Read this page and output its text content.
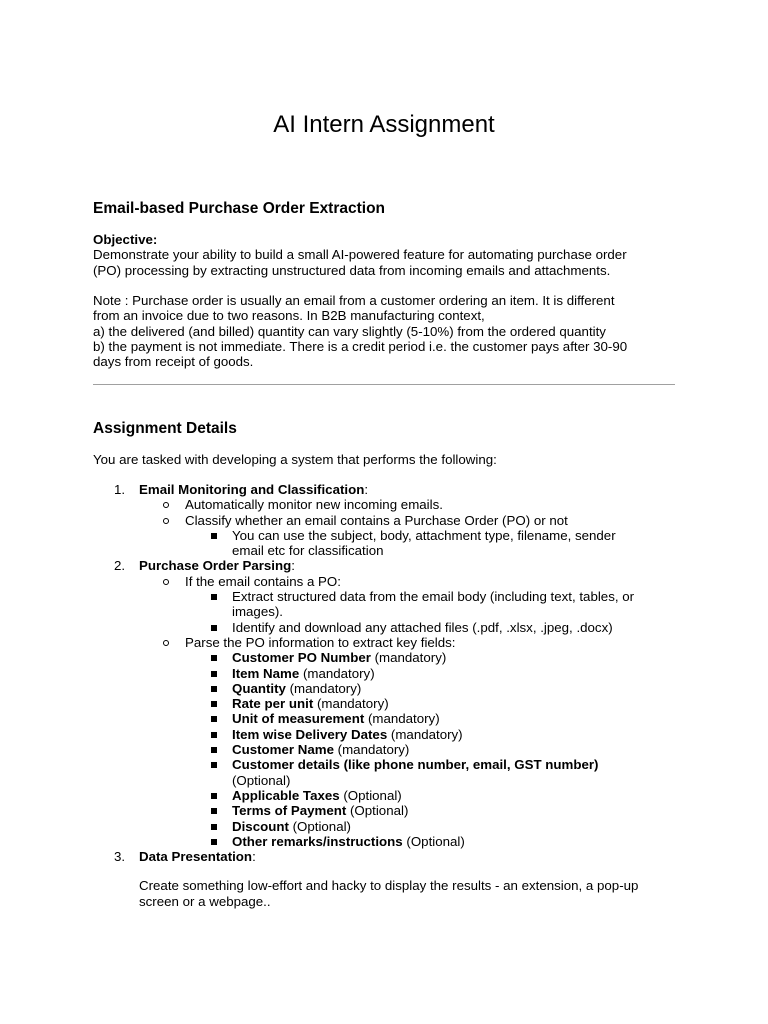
AI Intern Assignment
Email-based Purchase Order Extraction
Objective:
Demonstrate your ability to build a small AI-powered feature for automating purchase order
(PO) processing by extracting unstructured data from incoming emails and attachments.
Note : Purchase order is usually an email from a customer ordering an item. It is different
from an invoice due to two reasons. In B2B manufacturing context,
a) the delivered (and billed) quantity can vary slightly (5-10%) from the ordered quantity
b) the payment is not immediate. There is a credit period i.e. the customer pays after 30-90
days from receipt of goods.
Assignment Details
You are tasked with developing a system that performs the following:
1. Email Monitoring and Classification:
Automatically monitor new incoming emails.
Classify whether an email contains a Purchase Order (PO) or not
You can use the subject, body, attachment type, filename, sender
email etc for classification
2. Purchase Order Parsing:
If the email contains a PO:
Extract structured data from the email body (including text, tables, or
images).
Identify and download any attached files (.pdf, .xlsx, .jpeg, .docx)
Parse the PO information to extract key fields:
Customer PO Number (mandatory)
Item Name (mandatory)
Quantity (mandatory)
Rate per unit (mandatory)
Unit of measurement (mandatory)
Item wise Delivery Dates (mandatory)
Customer Name (mandatory)
Customer details (like phone number, email, GST number)
(Optional)
Applicable Taxes (Optional)
Terms of Payment (Optional)
Discount (Optional)
Other remarks/instructions (Optional)
3. Data Presentation:
Create something low-effort and hacky to display the results - an extension, a pop-up
screen or a webpage..
